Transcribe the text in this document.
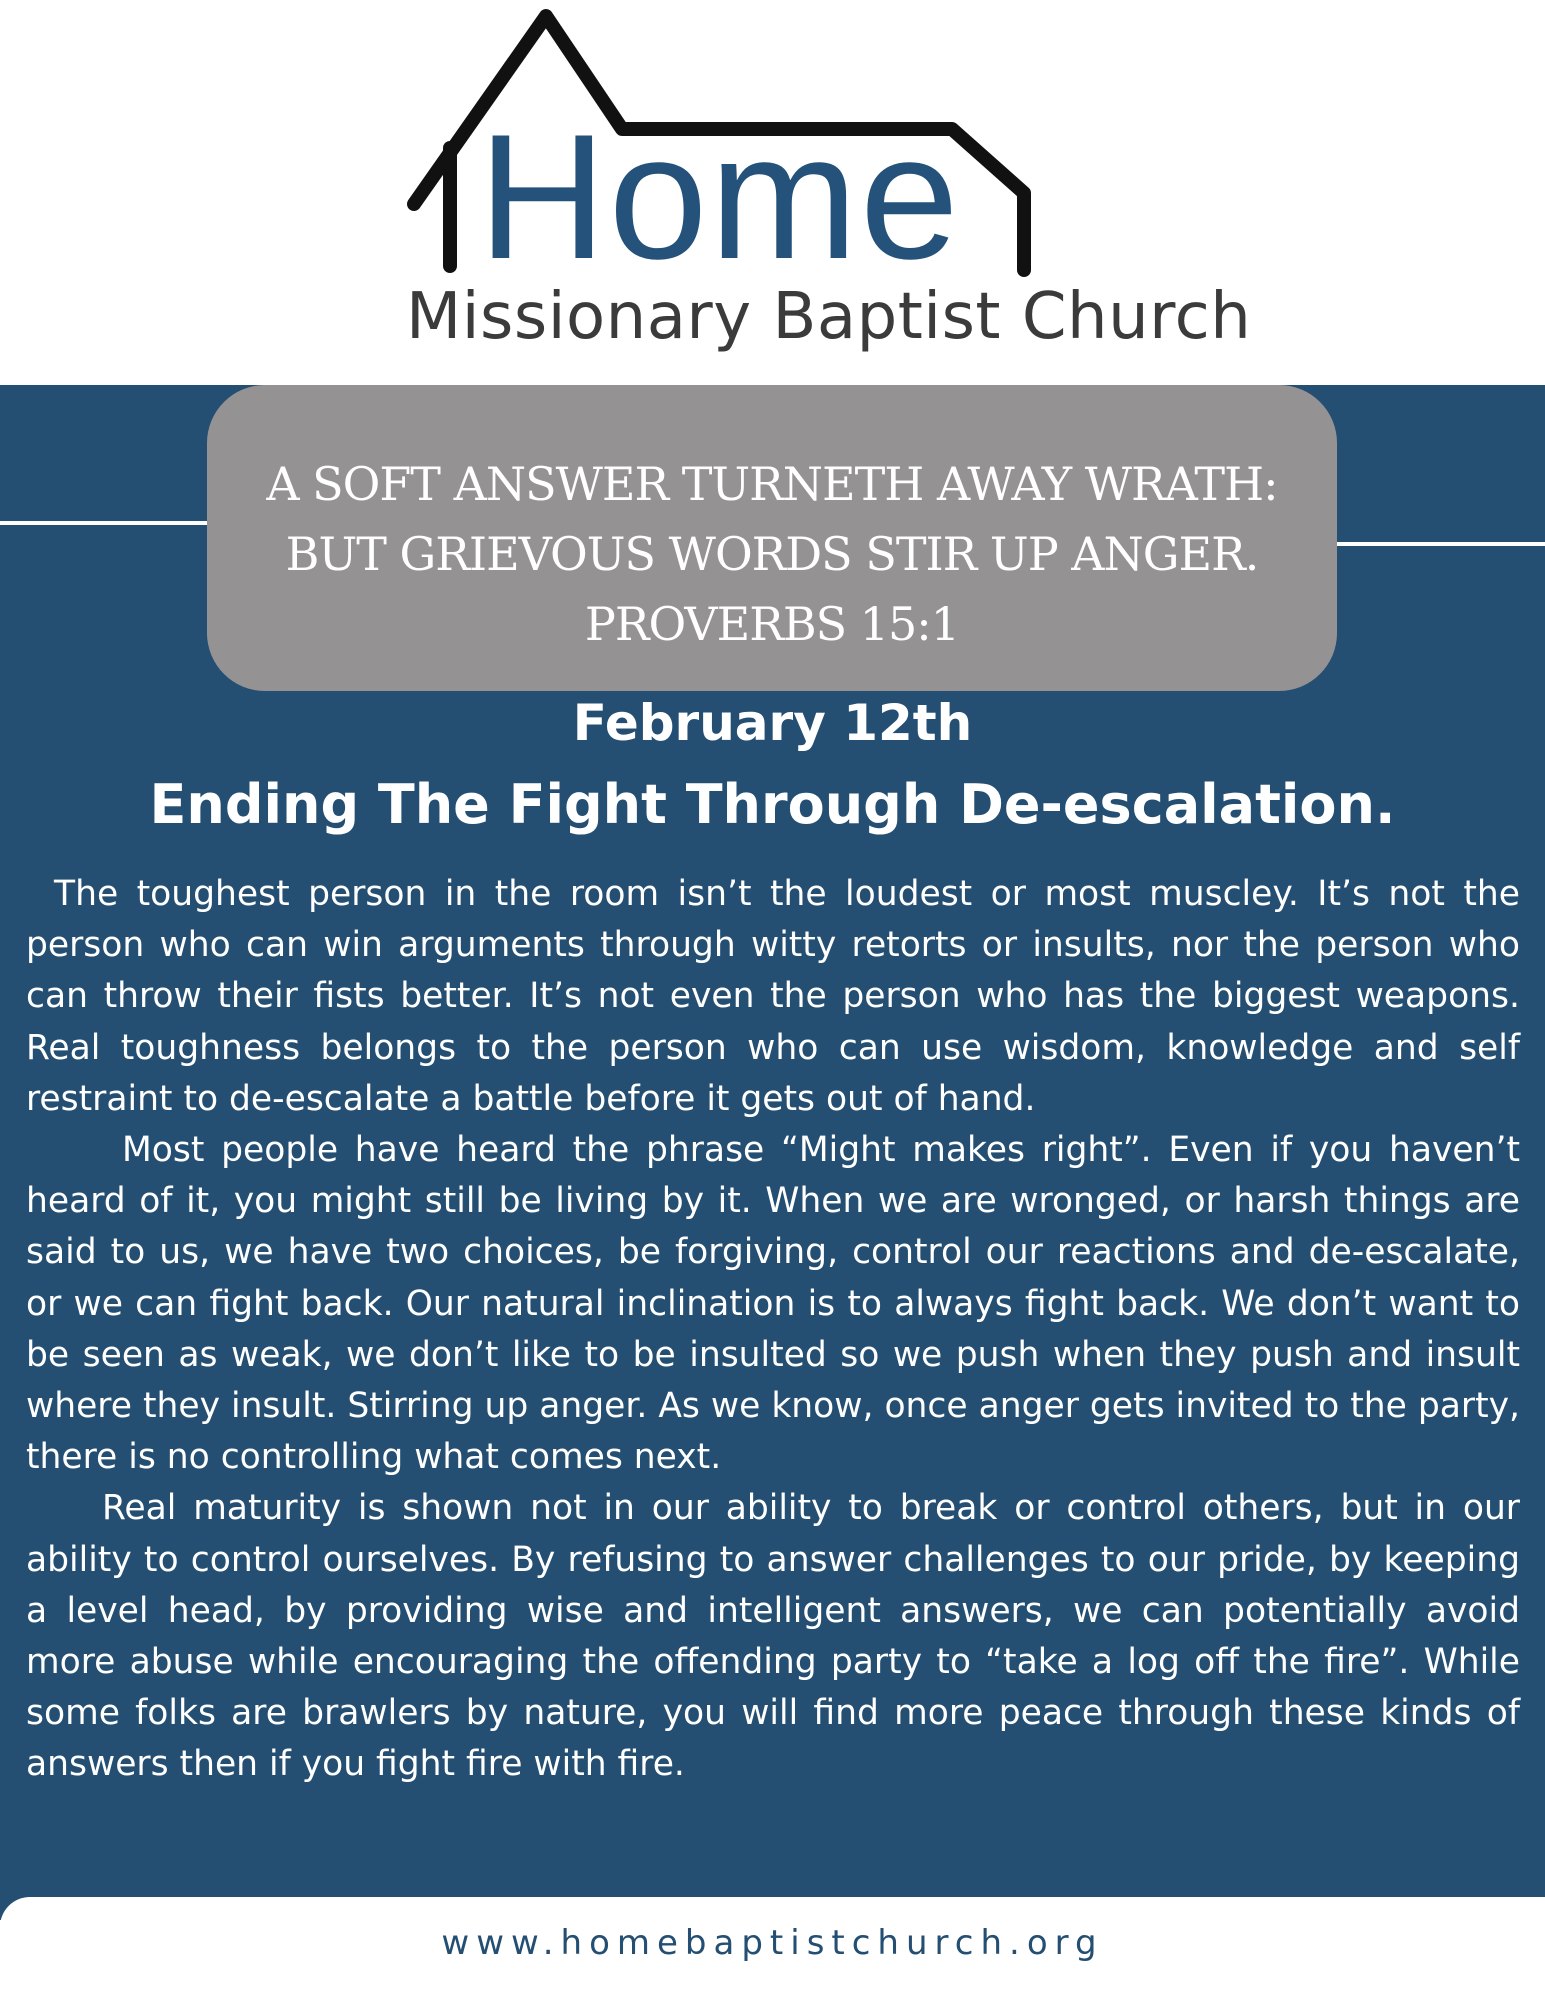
Home
Missionary Baptist Church
A SOFT ANSWER TURNETH AWAY WRATH:
BUT GRIEVOUS WORDS STIR UP ANGER.
PROVERBS 15:1
February 12th
Ending The Fight Through De-escalation.

The toughest person in the room isn’t the loudest or most muscley. It’s not the person who can win arguments through witty retorts or insults, nor the person who can throw their fists better. It’s not even the person who has the biggest weapons. Real toughness belongs to the person who can use wisdom, knowledge and self restraint to de-escalate a battle before it gets out of hand.

Most people have heard the phrase “Might makes right”. Even if you haven’t heard of it, you might still be living by it. When we are wronged, or harsh things are said to us, we have two choices, be forgiving, control our reactions and de-escalate, or we can fight back. Our natural inclination is to always fight back. We don’t want to be seen as weak, we don’t like to be insulted so we push when they push and insult where they insult. Stirring up anger. As we know, once anger gets invited to the party, there is no controlling what comes next.

Real maturity is shown not in our ability to break or control others, but in our ability to control ourselves. By refusing to answer challenges to our pride, by keeping a level head, by providing wise and intelligent answers, we can potentially avoid more abuse while encouraging the offending party to “take a log off the fire”. While some folks are brawlers by nature, you will find more peace through these kinds of answers then if you fight fire with fire.

www.homebaptistchurch.org
